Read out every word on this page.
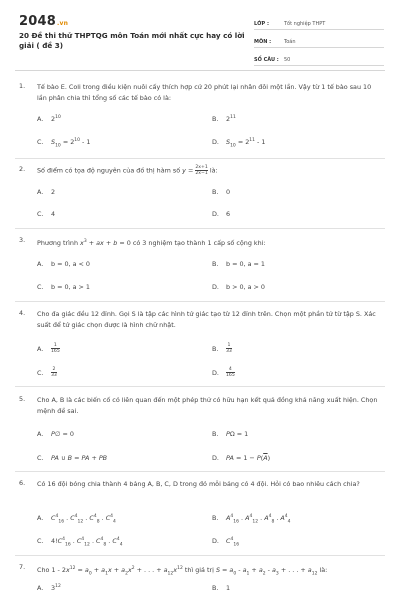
2048.vn
20 Đề thi thử THPTQG môn Toán mới nhất cực hay có lời giải ( đề 3)
LỚP :	Tốt nghiệp THPT
MÔN :	Toán
SỐ CÂU :	50
1.	Tế bào E. Coli trong điều kiện nuôi cấy thích hợp cứ 20 phút lại nhân đôi một lần. Vậy từ 1 tế bào sau 10 lần phân chia thì tổng số các tế bào có là:
A. $2^{10}$	B. $2^{11}$
C. $S_{10} = 2^{10} - 1$	D. $S_{10} = 2^{11} - 1$
2.	Số điểm có tọa độ nguyên của đồ thị hàm số $y = \frac{2x+1}{2x-1}$ là:
A. 2	B. 0
C. 4	D. 6
3.	Phương trình $x^3$ + ax + b = 0 có 3 nghiệm tạo thành 1 cấp số cộng khi:
A. b = 0, a < 0	B. b = 0, a = 1
C. b = 0, a > 1	D. b > 0, a > 0
4.	Cho đa giác đều 12 đỉnh. Gọi S là tập các hình tứ giác tạo từ 12 đỉnh trên. Chọn một phần tử từ tập S. Xác suất để tứ giác chọn được là hình chữ nhật.
A. $\frac{1}{165}$	B. $\frac{1}{33}$
C. $\frac{2}{33}$	D. $\frac{4}{165}$
5.	Cho A, B là các biến cố có liên quan đến một phép thử có hữu hạn kết quả đồng khả năng xuất hiện. Chọn mệnh đề sai.
A. P∅ = 0	B. PΩ = 1
C. PA ∪ B = PA + PB	D. PA = $1 - P(\overline{A})$
6.	Có 16 đội bóng chia thành 4 bảng A, B, C, D trong đó mỗi bảng có 4 đội. Hỏi có bao nhiêu cách chia?
A. $C^4_{16}$ . $C^4_{12}$ . $C^4_8$ . $C^4_4$	B. $A^4_{16}$ . $A^4_{12}$ . $A^4_8$ . $A^4_4$
C. $4!C^4_{16}$ . $C^4_{12}$ . $C^4_8$ . $C^4_4$	D. $C^4_{16}$
7.	Cho $1 - 2x^{12} = a_0 + a_1x + a_2x^2$ + . . . + $a_{12}x^{12}$ thì giá trị $S = a_0 - a_1 + a_2 - a_3$ + . . . + $a_{12}$ là:
A. $3^{12}$	B. 1
